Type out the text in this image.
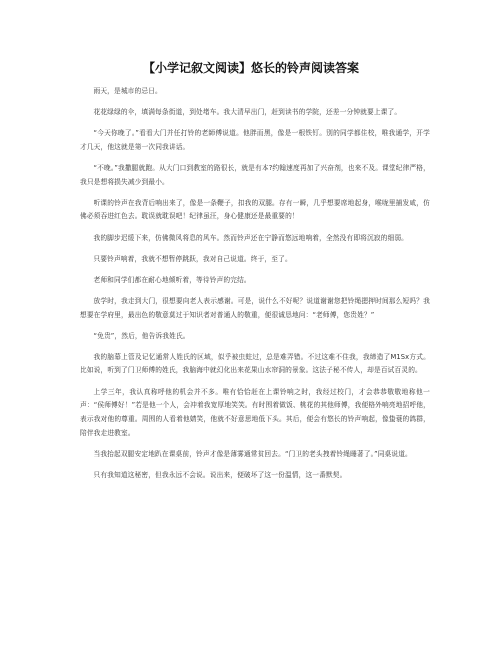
【小学记叙文阅读】悠长的铃声阅读答案

雨天，是城市的忌日。

花花绿绿的伞，填满每条街道，到处堵车。我大清早出门，赶到读书的学院，还差一分钟就要上课了。

“今天你晚了。”看看大门并任打铃的老師傅说道。他胖而黑，像是一根铁钉。别的同学都住校，唯我通学，开学才几天，他这就是第一次同我讲话。

“不晚。”我撒腿就跑。从大门口到教室的路很长，就是有本?约翰速度再加了兴奋剂，也来不及。课堂纪律严格，我只是想将损失减少到最小。

听课的铃声在我背后响出来了，像是一条鞭子，扣我的双腿。存有一瞬，几乎想要席地起身，喉咙里捕发咸，仿佛必须吞进红色去。耽误就耽误吧！纪律虽汪，身心健康还是最重要的！

我的脚步迟缓下来，仿佛微风将息的风车。然而铃声还在宁静而悠远地响着，全然没有即将沉寂的细弱。

只要铃声响着，我就不想暂停跳跃，我对自己说道。终于，至了。

老师和同学们都在耐心地倾听着，等待铃声的完结。

放学时，我走到大门，很想要向老人表示感谢。可是，说什么不好呢？说道谢谢您把铃绳摁押时间那么短吗？我想要在学府里，最出色的敬意莫过于知识者对普通人的敬重，便很诚恳地问：“老师傅，您贵姓？”

“免贵”，然后，他告诉我姓氏。

我的脑幕上管及记忆通常人姓氏的区域，似乎被虫蛀过，总是难弄错。不过这难不住我，我缔造了M1Sx方式。比如说，听到了门卫师傅的姓氏，我脑海中就幻化出来花果山水帘洞的景象。这法子秘不传人，却是百试百灵的。

上学三年，我认真称呼他的机会并不多。唯有恰恰赶在上课铃响之时，我经过校门，才会恭恭敬敬地称他一声：“侯师傅好！”若是他一个人，会冲着我宽厚地笑笑。有时围着做饭、桃花的其他师傅，我便格外响亮地招呼他，表示我对他的尊重。周围的人看着他婧笑，他就不好意思地低下头。其后，便会有悠长的铃声响起，像蛰蓑的鸽群，陪伴我走进教室。

当我抬起双腿安定地趴在课桌前，铃声才像是薄雾通常贫回去。“门卫的老头拽着铃绳睡著了。”同桌说道。

只有我知道这秘密，但我永远不会说。说出来，便破坏了这一份温情，这一番默契。
